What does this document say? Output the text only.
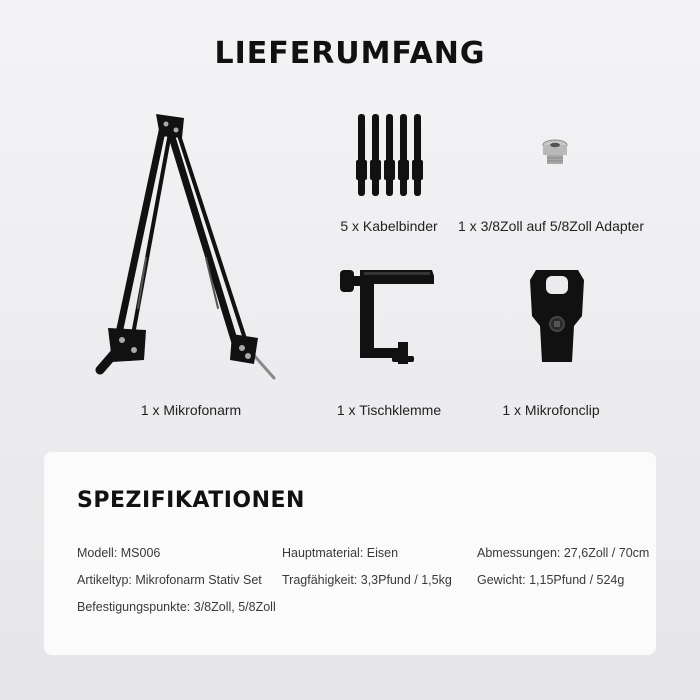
LIEFERUMFANG
1 x Mikrofonarm
5 x Kabelbinder 1 x 3/8Zoll auf 5/8Zoll Adapter
1 x Tischklemme	1 x Mikrofonclip
SPEZIFIKATIONEN
Modell: MS006	Hauptmaterial: Eisen	Abmessungen: 27,6Zoll / 70cm
Artikeltyp: Mikrofonarm Stativ Set Tragfähigkeit: 3,3Pfund / 1,5kg Gewicht: 1,15Pfund / 524g
Befestigungspunkte: 3/8Zoll, 5/8Zoll
